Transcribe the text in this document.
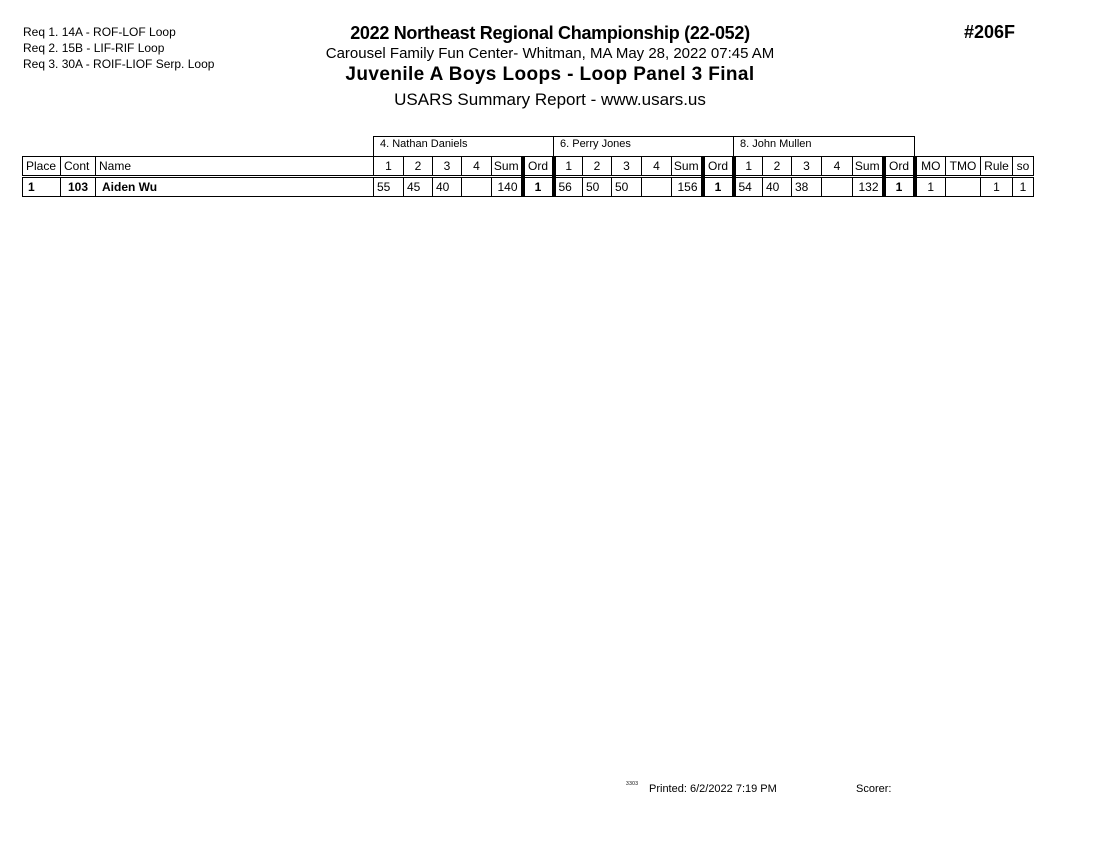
Req 1. 14A - ROF-LOF Loop
Req 2. 15B - LIF-RIF Loop
Req 3. 30A - ROIF-LIOF Serp. Loop
2022 Northeast Regional Championship (22-052)
Carousel Family Fun Center- Whitman, MA May 28, 2022 07:45 AM
Juvenile A Boys Loops - Loop Panel 3 Final
USARS Summary Report - www.usars.us
#206F
			4. Nathan Daniels						6. Perry Jones						8. John Mullen									
Place	Cont	Name	1	2	3	4	Sum	Ord	1	2	3	4	Sum	Ord	1	2	3	4	Sum	Ord	MO	TMO	Rule	so
1	103	Aiden Wu	55	45	40		140	1	56	50	50		156	1	54	40	38		132	1	1		1	1
$^{3303}$ Printed: 6/2/2022 7:19 PM	Scorer:
